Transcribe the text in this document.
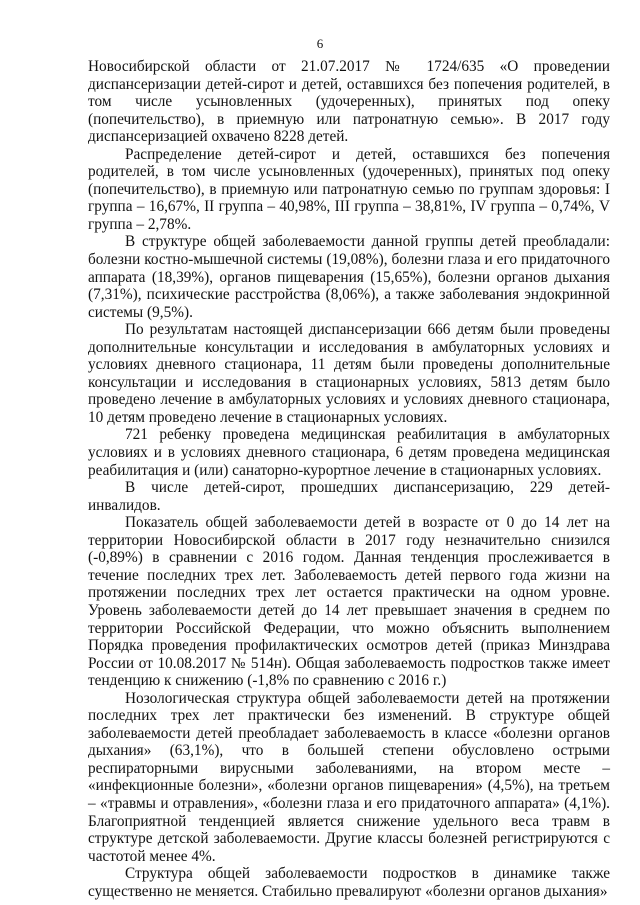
6

Новосибирской области от 21.07.2017 № 1724/635 «О проведении диспансеризации детей-сирот и детей, оставшихся без попечения родителей, в том числе усыновленных (удочеренных), принятых под опеку (попечительство), в приемную или патронатную семью». В 2017 году диспансеризацией охвачено 8228 детей.

Распределение детей-сирот и детей, оставшихся без попечения родителей, в том числе усыновленных (удочеренных), принятых под опеку (попечительство), в приемную или патронатную семью по группам здоровья: I группа – 16,67%, II группа – 40,98%, III группа – 38,81%, IV группа – 0,74%, V группа – 2,78%.

В структуре общей заболеваемости данной группы детей преобладали: болезни костно-мышечной системы (19,08%), болезни глаза и его придаточного аппарата (18,39%), органов пищеварения (15,65%), болезни органов дыхания (7,31%), психические расстройства (8,06%), а также заболевания эндокринной системы (9,5%).

По результатам настоящей диспансеризации 666 детям были проведены дополнительные консультации и исследования в амбулаторных условиях и условиях дневного стационара, 11 детям были проведены дополнительные консультации и исследования в стационарных условиях, 5813 детям было проведено лечение в амбулаторных условиях и условиях дневного стационара, 10 детям проведено лечение в стационарных условиях.

721 ребенку проведена медицинская реабилитация в амбулаторных условиях и в условиях дневного стационара, 6 детям проведена медицинская реабилитация и (или) санаторно-курортное лечение в стационарных условиях.

В числе детей-сирот, прошедших диспансеризацию, 229 детей-инвалидов.

Показатель общей заболеваемости детей в возрасте от 0 до 14 лет на территории Новосибирской области в 2017 году незначительно снизился (-0,89%) в сравнении с 2016 годом. Данная тенденция прослеживается в течение последних трех лет. Заболеваемость детей первого года жизни на протяжении последних трех лет остается практически на одном уровне. Уровень заболеваемости детей до 14 лет превышает значения в среднем по территории Российской Федерации, что можно объяснить выполнением Порядка проведения профилактических осмотров детей (приказ Минздрава России от 10.08.2017 № 514н). Общая заболеваемость подростков также имеет тенденцию к снижению (-1,8% по сравнению с 2016 г.)

Нозологическая структура общей заболеваемости детей на протяжении последних трех лет практически без изменений. В структуре общей заболеваемости детей преобладает заболеваемость в классе «болезни органов дыхания» (63,1%), что в большей степени обусловлено острыми респираторными вирусными заболеваниями, на втором месте – «инфекционные болезни», «болезни органов пищеварения» (4,5%), на третьем – «травмы и отравления», «болезни глаза и его придаточного аппарата» (4,1%). Благоприятной тенденцией является снижение удельного веса травм в структуре детской заболеваемости. Другие классы болезней регистрируются с частотой менее 4%.

Структура общей заболеваемости подростков в динамике также существенно не меняется. Стабильно превалируют «болезни органов дыхания»
